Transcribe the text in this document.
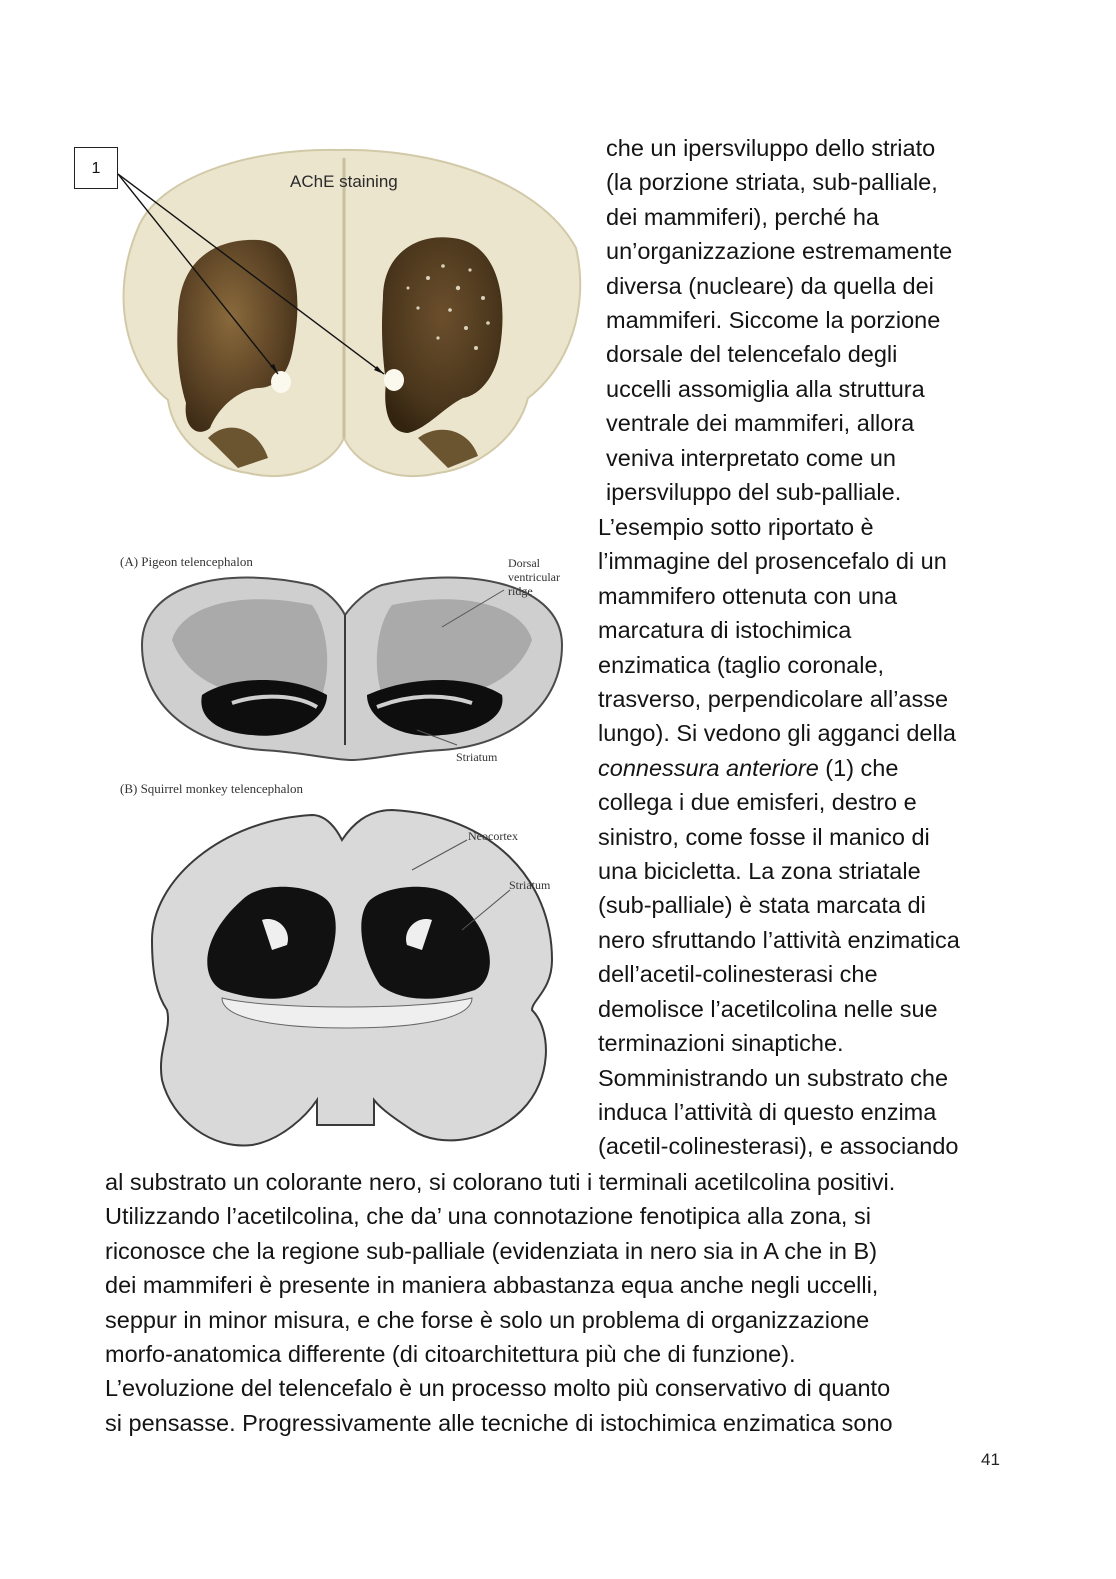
1
AChE staining
(A) Pigeon telencephalon	Dorsal
ventricular
ridge
Striatum
(B) Squirrel monkey telencephalon
Neocortex
Striatum
che un ipersviluppo dello striato
(la porzione striata, sub-palliale,
dei mammiferi), perché ha
un’organizzazione estremamente
diversa (nucleare) da quella dei
mammiferi. Siccome la porzione
dorsale del telencefalo degli
uccelli assomiglia alla struttura
ventrale dei mammiferi, allora
veniva interpretato come un
ipersviluppo del sub-palliale.
L’esempio sotto riportato è
l’immagine del prosencefalo di un
mammifero ottenuta con una
marcatura di istochimica
enzimatica (taglio coronale,
trasverso, perpendicolare all’asse
lungo). Si vedono gli agganci della
connessura anteriore (1) che
collega i due emisferi, destro e
sinistro, come fosse il manico di
una bicicletta. La zona striatale
(sub-palliale) è stata marcata di
nero sfruttando l’attività enzimatica
dell’acetil-colinesterasi che
demolisce l’acetilcolina nelle sue
terminazioni sinaptiche.
Somministrando un substrato che
induca l’attività di questo enzima
(acetil-colinesterasi), e associando
al substrato un colorante nero, si colorano tuti i terminali acetilcolina positivi.
Utilizzando l’acetilcolina, che da’ una connotazione fenotipica alla zona, si
riconosce che la regione sub-palliale (evidenziata in nero sia in A che in B)
dei mammiferi è presente in maniera abbastanza equa anche negli uccelli,
seppur in minor misura, e che forse è solo un problema di organizzazione
morfo-anatomica differente (di citoarchitettura più che di funzione).
L’evoluzione del telencefalo è un processo molto più conservativo di quanto
si pensasse. Progressivamente alle tecniche di istochimica enzimatica sono
41
